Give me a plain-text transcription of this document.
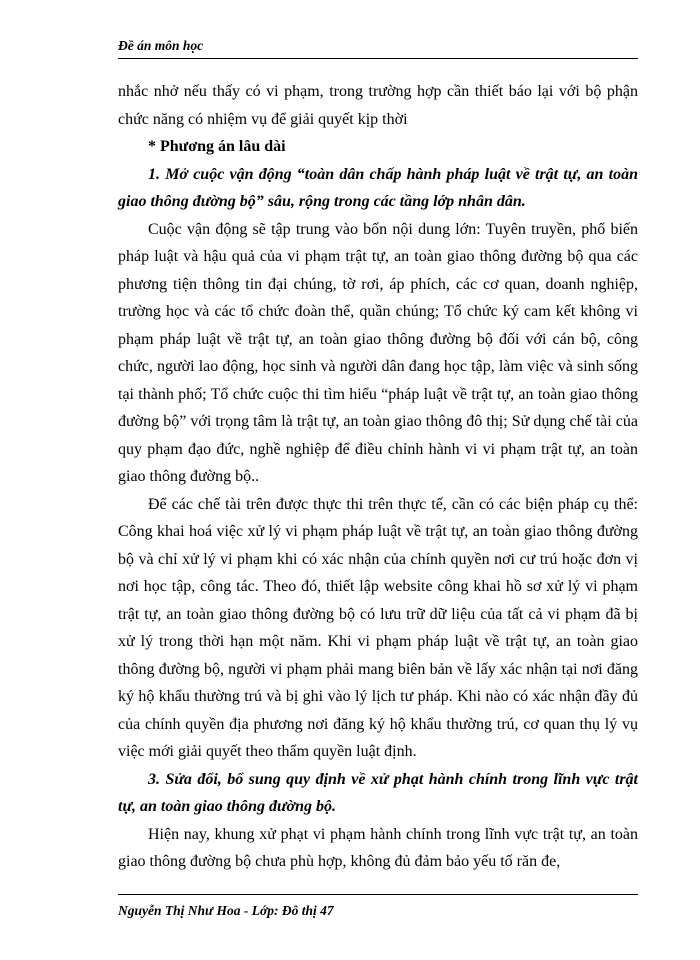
Đề án môn học

nhắc nhở nếu thấy có vi phạm, trong trường hợp cần thiết báo lại với bộ phận chức năng có nhiệm vụ để giải quyết kịp thời

* Phương án lâu dài

1. Mở cuộc vận động “toàn dân chấp hành pháp luật về trật tự, an toàn giao thông đường bộ” sâu, rộng trong các tầng lớp nhân dân.

Cuộc vận động sẽ tập trung vào bốn nội dung lớn: Tuyên truyền, phổ biến pháp luật và hậu quả của vi phạm trật tự, an toàn giao thông đường bộ qua các phương tiện thông tin đại chúng, tờ rơi, áp phích, các cơ quan, doanh nghiệp, trường học và các tổ chức đoàn thể, quần chúng; Tổ chức ký cam kết không vi phạm pháp luật về trật tự, an toàn giao thông đường bộ đối với cán bộ, công chức, người lao động, học sinh và người dân đang học tập, làm việc và sinh sống tại thành phố; Tổ chức cuộc thi tìm hiểu “pháp luật về trật tự, an toàn giao thông đường bộ” với trọng tâm là trật tự, an toàn giao thông đô thị; Sử dụng chế tài của quy phạm đạo đức, nghề nghiệp để điều chỉnh hành vi vi phạm trật tự, an toàn giao thông đường bộ..

Để các chế tài trên được thực thi trên thực tế, cần có các biện pháp cụ thể: Công khai hoá việc xử lý vi phạm pháp luật về trật tự, an toàn giao thông đường bộ và chỉ xử lý vi phạm khi có xác nhận của chính quyền nơi cư trú hoặc đơn vị nơi học tập, công tác. Theo đó, thiết lập website công khai hồ sơ xử lý vi phạm trật tự, an toàn giao thông đường bộ có lưu trữ dữ liệu của tất cả vi phạm đã bị xử lý trong thời hạn một năm. Khi vi phạm pháp luật về trật tự, an toàn giao thông đường bộ, người vi phạm phải mang biên bản về lấy xác nhận tại nơi đăng ký hộ khẩu thường trú và bị ghi vào lý lịch tư pháp. Khi nào có xác nhận đầy đủ của chính quyền địa phương nơi đăng ký hộ khẩu thường trú, cơ quan thụ lý vụ việc mới giải quyết theo thẩm quyền luật định.

3. Sửa đổi, bổ sung quy định về xử phạt hành chính trong lĩnh vực trật tự, an toàn giao thông đường bộ.

Hiện nay, khung xử phạt vi phạm hành chính trong lĩnh vực trật tự, an toàn giao thông đường bộ chưa phù hợp, không đủ đảm bảo yếu tố răn đe,

Nguyễn Thị Như Hoa - Lớp: Đô thị 47
